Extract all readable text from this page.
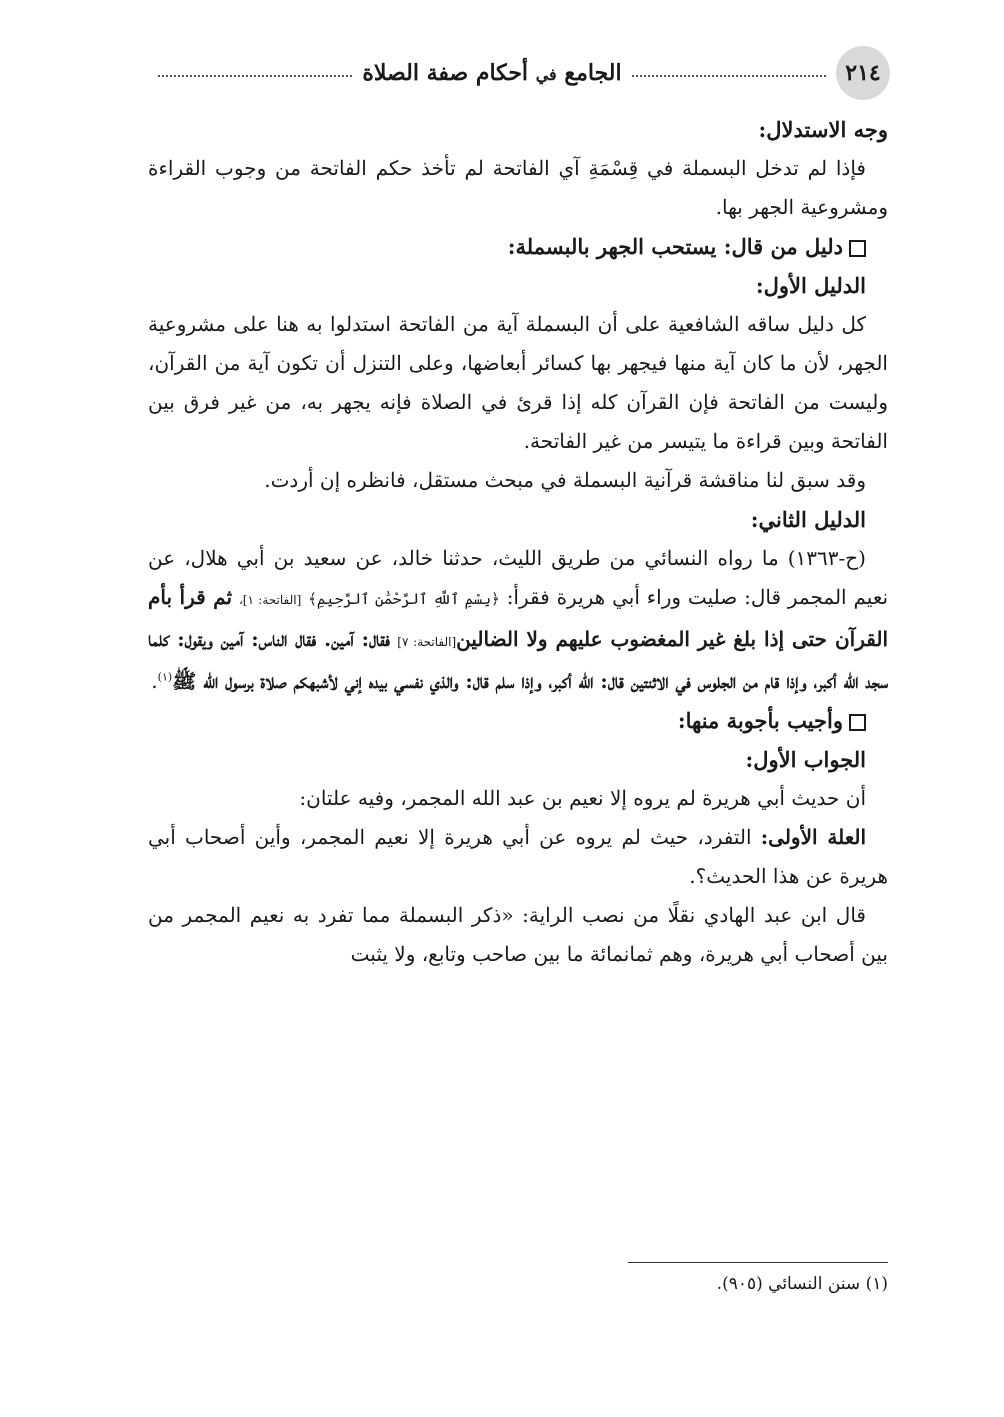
٢١٤
الجامع في أحكام صفة الصلاة

وجه الاستدلال:

فإذا لم تدخل البسملة في قِسْمَةِ آي الفاتحة لم تأخذ حكم الفاتحة من وجوب القراءة ومشروعية الجهر بها.

دليل من قال: يستحب الجهر بالبسملة:

الدليل الأول:

كل دليل ساقه الشافعية على أن البسملة آية من الفاتحة استدلوا به هنا على مشروعية الجهر، لأن ما كان آية منها فيجهر بها كسائر أبعاضها، وعلى التنزل أن تكون آية من القرآن، وليست من الفاتحة فإن القرآن كله إذا قرئ في الصلاة فإنه يجهر به، من غير فرق بين الفاتحة وبين قراءة ما يتيسر من غير الفاتحة.

وقد سبق لنا مناقشة قرآنية البسملة في مبحث مستقل، فانظره إن أردت.

الدليل الثاني:

(ح-١٣٦٣) ما رواه النسائي من طريق الليث، حدثنا خالد، عن سعيد بن أبي هلال، عن نعيم المجمر قال: صليت وراء أبي هريرة فقرأ: ﴿بِسْمِ ٱللَّهِ ٱلرَّحْمَٰنِ ٱلرَّحِيمِ﴾ [الفاتحة: ١]، ثم قرأ بأم القرآن حتى إذا بلغ غير المغضوب عليهم ولا الضالين[الفاتحة: ٧] فقال: آمين. فقال الناس: آمين ويقول: كلما سجد الله أكبر، وإذا قام من الجلوس في الاثنتين قال: الله أكبر، وإذا سلم قال: والذي نفسي بيده إني لأشبهكم صلاة برسول الله ﷺ$^{(١)}$.

وأجيب بأجوبة منها:

الجواب الأول:

أن حديث أبي هريرة لم يروه إلا نعيم بن عبد الله المجمر، وفيه علتان:

العلة الأولى: التفرد، حيث لم يروه عن أبي هريرة إلا نعيم المجمر، وأين أصحاب أبي هريرة عن هذا الحديث؟.

قال ابن عبد الهادي نقلًا من نصب الراية: «ذكر البسملة مما تفرد به نعيم المجمر من بين أصحاب أبي هريرة، وهم ثمانمائة ما بين صاحب وتابع، ولا يثبت

(١) سنن النسائي (٩٠٥).
